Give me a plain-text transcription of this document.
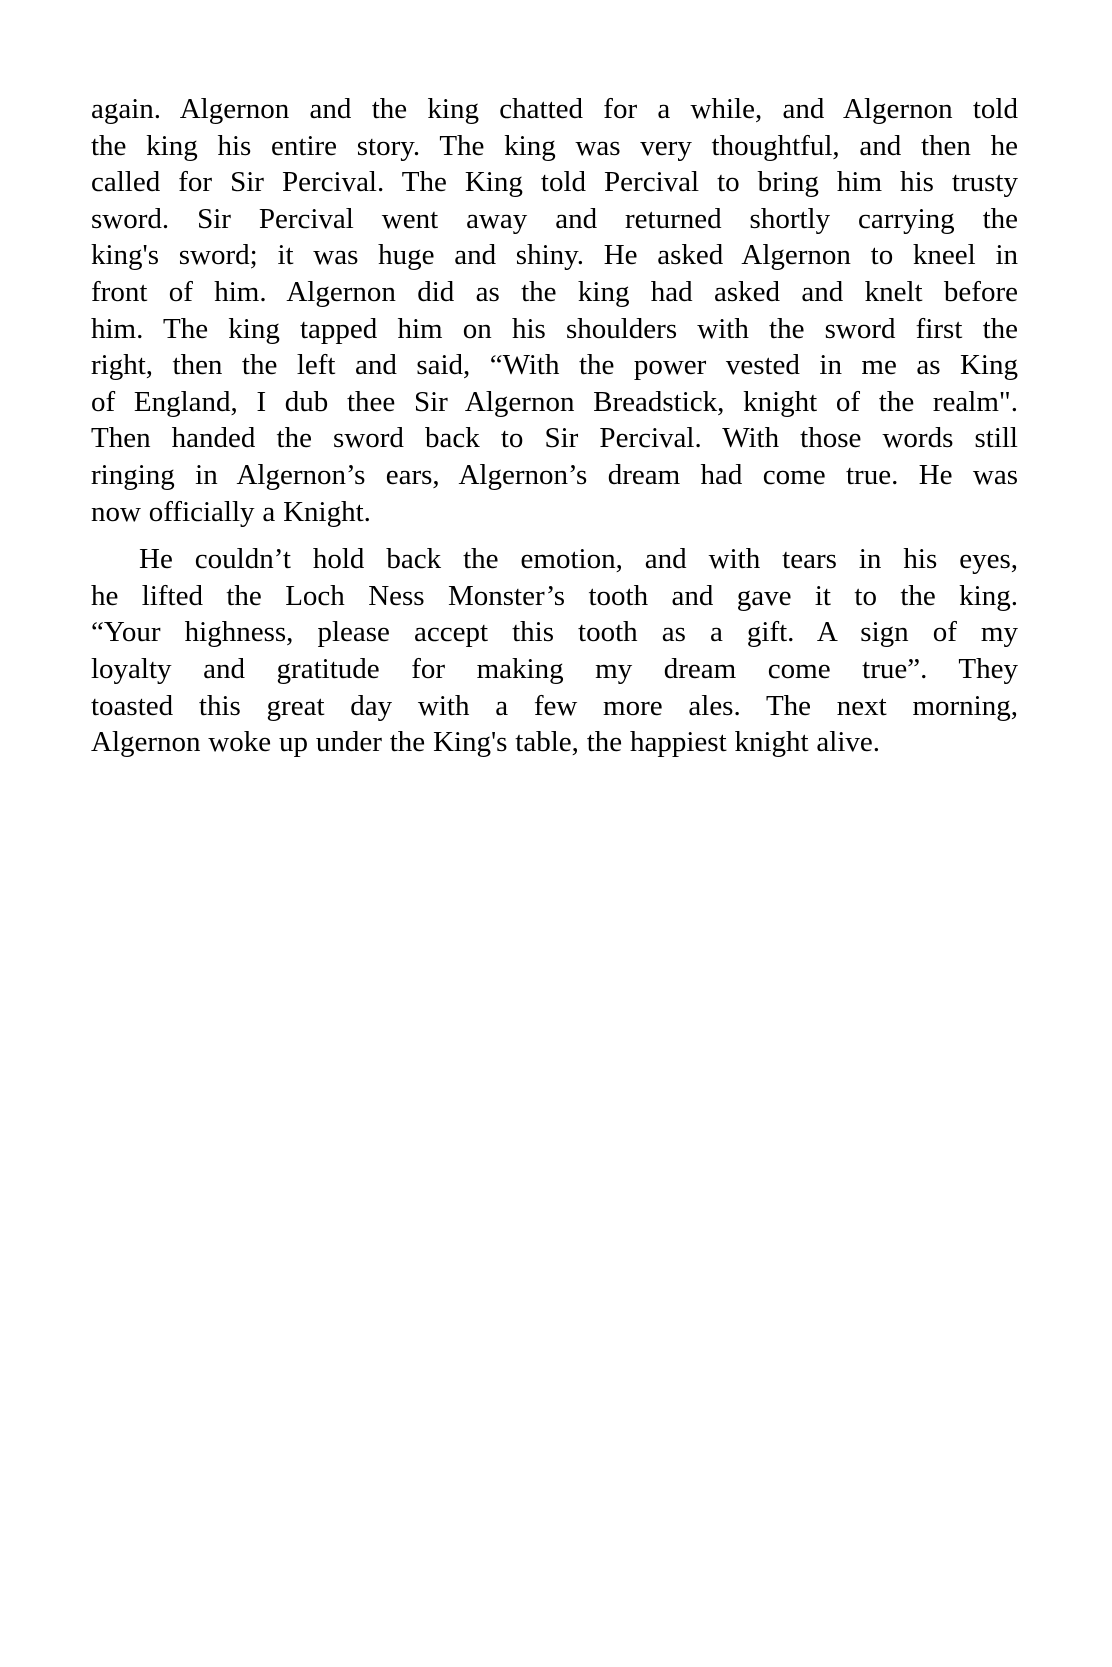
again. Algernon and the king chatted for a while, and Algernon told
the king his entire story. The king was very thoughtful, and then he
called for Sir Percival. The King told Percival to bring him his trusty
sword. Sir Percival went away and returned shortly carrying the
king's sword; it was huge and shiny. He asked Algernon to kneel in
front of him. Algernon did as the king had asked and knelt before
him. The king tapped him on his shoulders with the sword first the
right, then the left and said, “With the power vested in me as King
of England, I dub thee Sir Algernon Breadstick, knight of the realm".
Then handed the sword back to Sir Percival. With those words still
ringing in Algernon’s ears, Algernon’s dream had come true. He was
now officially a Knight.
He couldn’t hold back the emotion, and with tears in his eyes,
he lifted the Loch Ness Monster’s tooth and gave it to the king.
“Your highness, please accept this tooth as a gift. A sign of my
loyalty and gratitude for making my dream come true”. They
toasted this great day with a few more ales. The next morning,
Algernon woke up under the King's table, the happiest knight alive.
